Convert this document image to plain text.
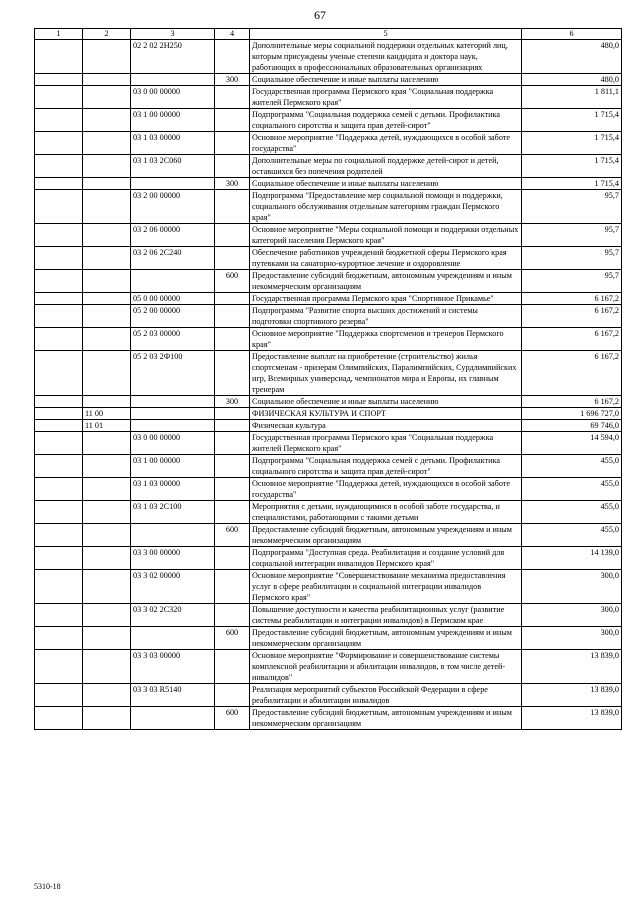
67
1	2	3	4	5	6
		02 2 02 2Н250		Дополнительные меры социальной поддержки отдельных категорий лиц, которым присуждены ученые степени кандидата и доктора наук, работающих в профессиональных образовательных организациях	480,0
			300	Социальное обеспечение и иные выплаты населению	480,0
		03 0 00 00000		Государственная программа Пермского края "Социальная поддержка жителей Пермского края"	1 811,1
		03 1 00 00000		Подпрограмма "Социальная поддержка семей с детьми. Профилактика социального сиротства и защита прав детей-сирот"	1 715,4
		03 1 03 00000		Основное мероприятие "Поддержка детей, нуждающихся в особой заботе государства"	1 715,4
		03 1 03 2С060		Дополнительные меры по социальной поддержке детей-сирот и детей, оставшихся без попечения родителей	1 715,4
			300	Социальное обеспечение и иные выплаты населению	1 715,4
		03 2 00 00000		Подпрограмма "Предоставление мер социальной помощи и поддержки, социального обслуживания отдельным категориям граждан Пермского края"	95,7
		03 2 06 00000		Основное мероприятие "Меры социальной помощи и поддержки отдельных категорий населения Пермского края"	95,7
		03 2 06 2С240		Обеспечение работников учреждений бюджетной сферы Пермского края путевками на санаторно-курортное лечение и оздоровление	95,7
			600	Предоставление субсидий бюджетным, автономным учреждениям и иным некоммерческим организациям	95,7
		05 0 00 00000		Государственная программа Пермского края "Спортивное Прикамье"	6 167,2
		05 2 00 00000		Подпрограмма "Развитие спорта высших достижений и системы подготовки спортивного резерва"	6 167,2
		05 2 03 00000		Основное мероприятие "Поддержка спортсменов и тренеров Пермского края"	6 167,2
		05 2 03 2Ф100		Предоставление выплат на приобретение (строительство) жилья спортсменам - призерам Олимпийских, Паралимпийских, Сурдлимпийских игр, Всемирных универсиад, чемпионатов мира и Европы, их главным тренерам	6 167,2
			300	Социальное обеспечение и иные выплаты населению	6 167,2
	11 00			ФИЗИЧЕСКАЯ КУЛЬТУРА И СПОРТ	1 696 727,0
	11 01			Физическая культура	69 746,0
		03 0 00 00000		Государственная программа Пермского края "Социальная поддержка жителей Пермского края"	14 594,0
		03 1 00 00000		Подпрограмма "Социальная поддержка семей с детьми. Профилактика социального сиротства и защита прав детей-сирот"	455,0
		03 1 03 00000		Основное мероприятие "Поддержка детей, нуждающихся в особой заботе государства"	455,0
		03 1 03 2С100		Мероприятия с детьми, нуждающимися в особой заботе государства, и специалистами, работающими с такими детьми	455,0
			600	Предоставление субсидий бюджетным, автономным учреждениям и иным некоммерческим организациям	455,0
		03 3 00 00000		Подпрограмма "Доступная среда. Реабилитация и создание условий для социальной интеграции инвалидов Пермского края"	14 139,0
		03 3 02 00000		Основное мероприятие "Совершенствование механизма предоставления услуг в сфере реабилитации и социальной интеграции инвалидов Пермского края"	300,0
		03 3 02 2С320		Повышение доступности и качества реабилитационных услуг (развитие системы реабилитации и интеграции инвалидов) в Пермском крае	300,0
			600	Предоставление субсидий бюджетным, автономным учреждениям и иным некоммерческим организациям	300,0
		03 3 03 00000		Основное мероприятие "Формирование и совершенствование системы комплексной реабилитации и абилитации инвалидов, в том числе детей-инвалидов"	13 839,0
		03 3 03 R5140		Реализация мероприятий субъектов Российской Федерации в сфере реабилитации и абилитации инвалидов	13 839,0
			600	Предоставление субсидий бюджетным, автономным учреждениям и иным некоммерческим организациям	13 839,0
5310-18
